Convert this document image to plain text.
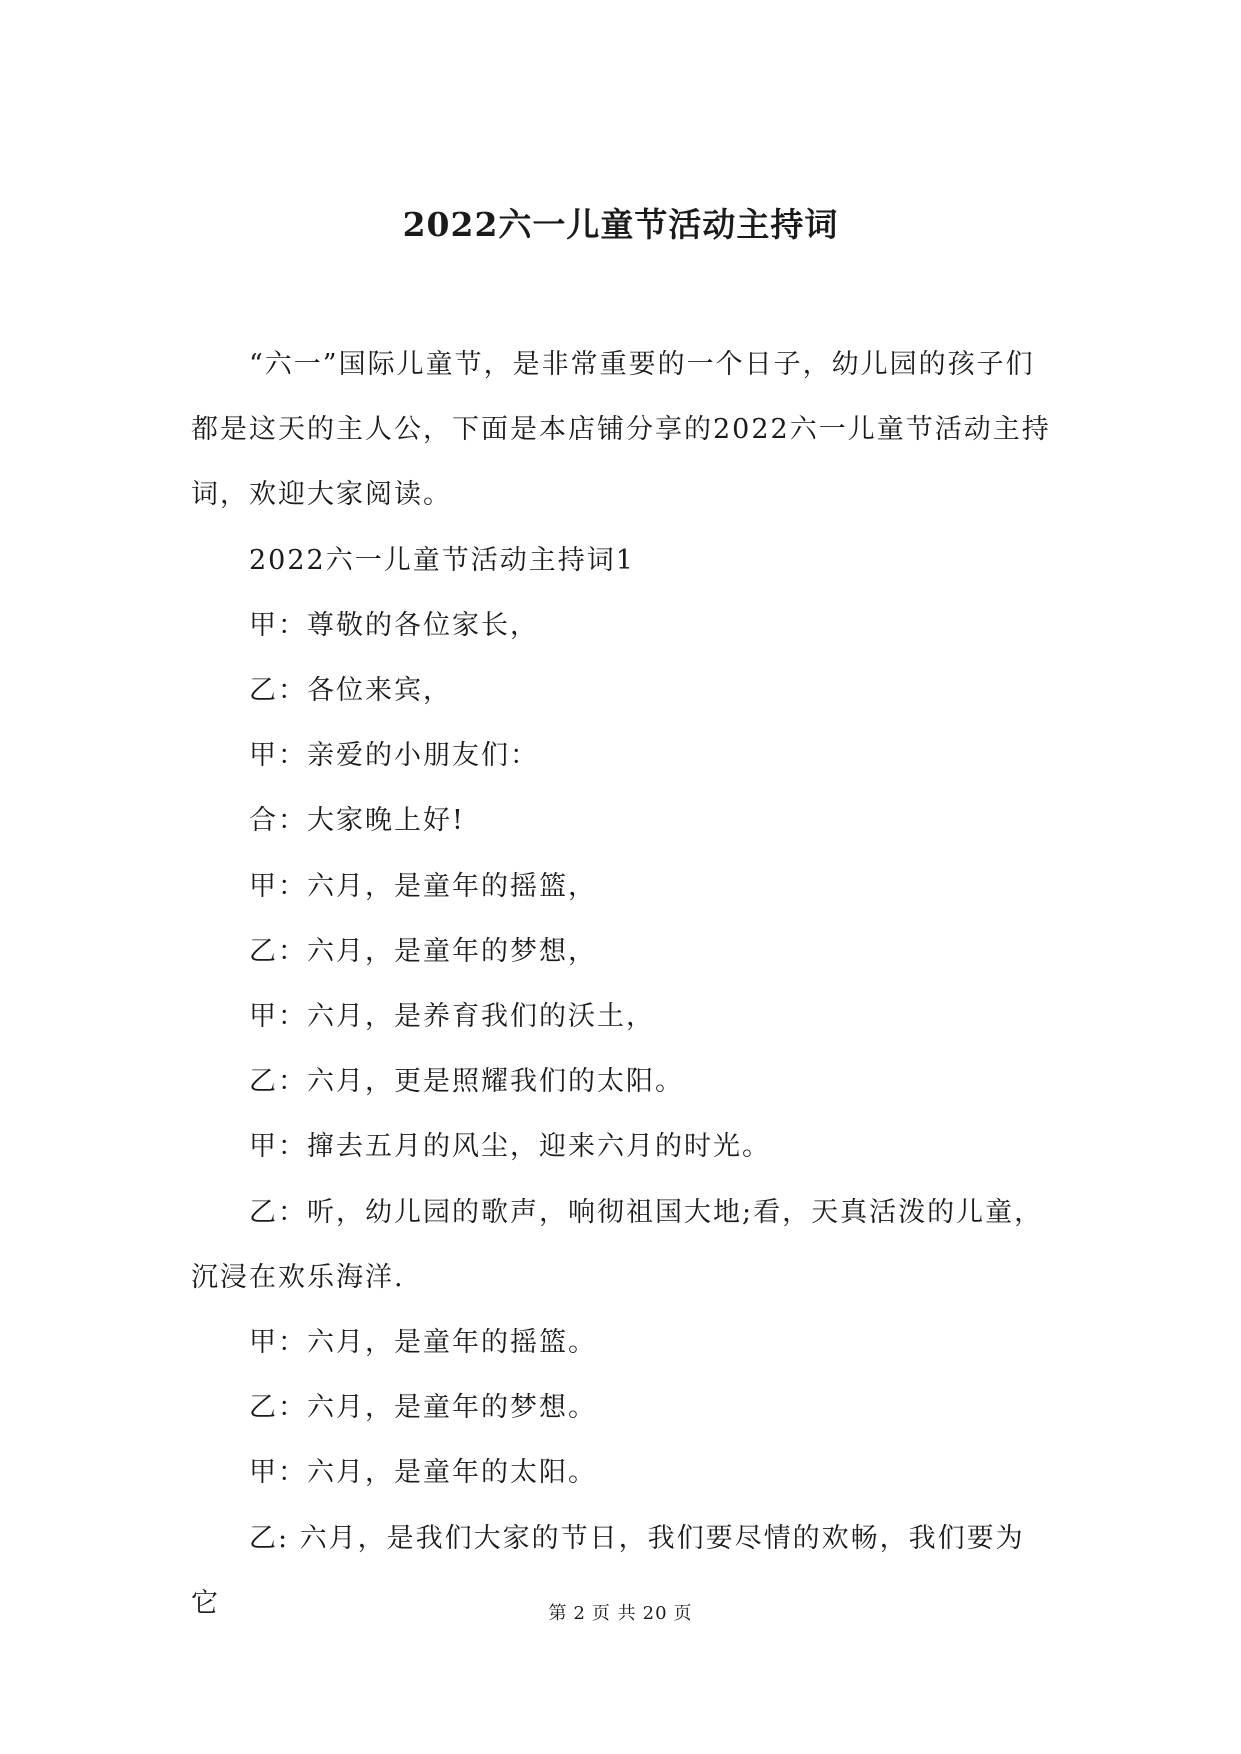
2022六一儿童节活动主持词

“六一”国际儿童节，是非常重要的一个日子，幼儿园的孩子们都是这天的主人公，下面是本店铺分享的2022六一儿童节活动主持词，欢迎大家阅读。

2022六一儿童节活动主持词1

甲：尊敬的各位家长，

乙：各位来宾，

甲：亲爱的小朋友们：

合：大家晚上好!

甲：六月，是童年的摇篮，

乙：六月，是童年的梦想，

甲：六月，是养育我们的沃土，

乙：六月，更是照耀我们的太阳。

甲：撺去五月的风尘，迎来六月的时光。

乙：听，幼儿园的歌声，响彻祖国大地;看，天真活泼的儿童，沉浸在欢乐海洋.

甲：六月，是童年的摇篮。

乙：六月，是童年的梦想。

甲：六月，是童年的太阳。

乙: 六月，是我们大家的节日，我们要尽情的欢畅，我们要为它	第 2 页 共 20 页
